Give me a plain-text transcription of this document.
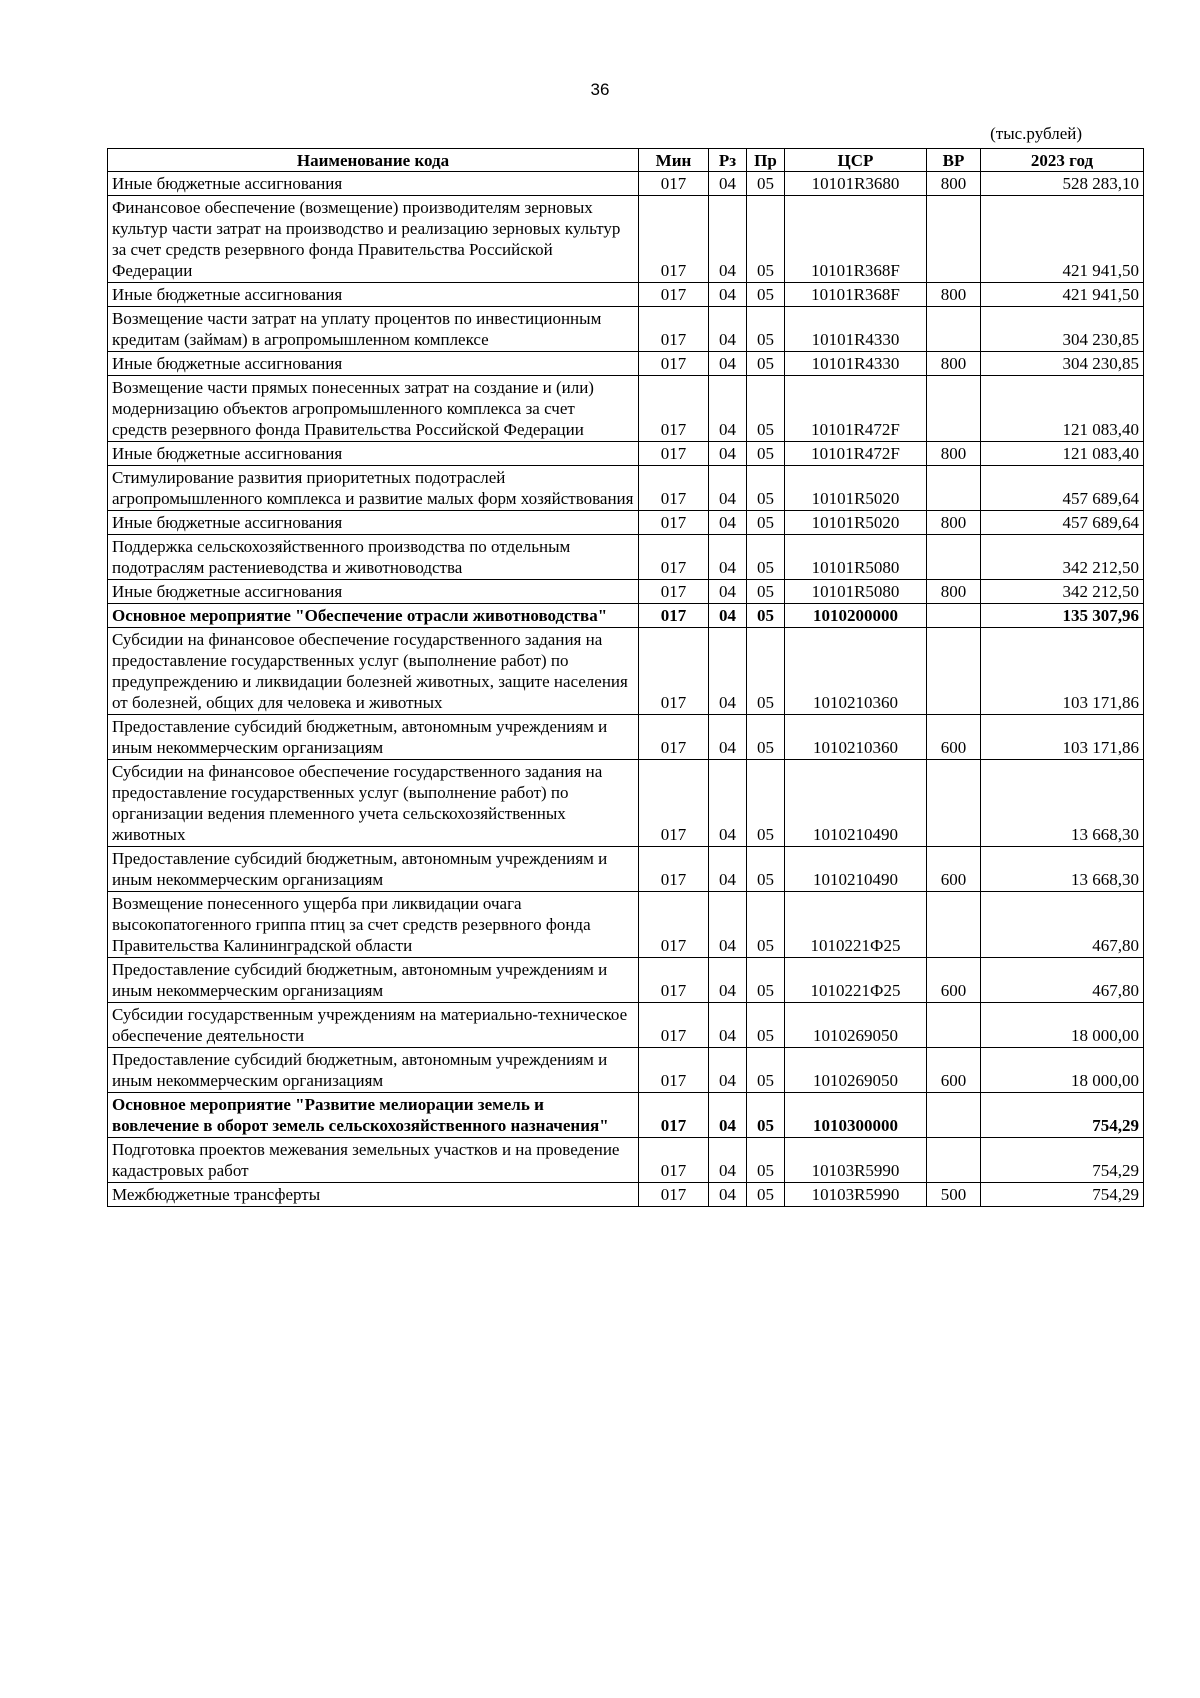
36
(тыс.рублей)
Наименование кода	Мин	Рз	Пр	ЦСР	ВР	2023 год
Иные бюджетные ассигнования	017	04	05	10101R3680	800	528 283,10
Финансовое обеспечение (возмещение) производителям зерновых культур части затрат на производство и реализацию зерновых культур за счет средств резервного фонда Правительства Российской Федерации	017	04	05	10101R368F		421 941,50
Иные бюджетные ассигнования	017	04	05	10101R368F	800	421 941,50
Возмещение части затрат на уплату процентов по инвестиционным кредитам (займам) в агропромышленном комплексе	017	04	05	10101R4330		304 230,85
Иные бюджетные ассигнования	017	04	05	10101R4330	800	304 230,85
Возмещение части прямых понесенных затрат на создание и (или) модернизацию объектов агропромышленного комплекса за счет средств резервного фонда Правительства Российской Федерации	017	04	05	10101R472F		121 083,40
Иные бюджетные ассигнования	017	04	05	10101R472F	800	121 083,40
Стимулирование развития приоритетных подотраслей агропромышленного комплекса и развитие малых форм хозяйствования	017	04	05	10101R5020		457 689,64
Иные бюджетные ассигнования	017	04	05	10101R5020	800	457 689,64
Поддержка сельскохозяйственного производства по отдельным подотраслям растениеводства и животноводства	017	04	05	10101R5080		342 212,50
Иные бюджетные ассигнования	017	04	05	10101R5080	800	342 212,50
Основное мероприятие "Обеспечение отрасли животноводства"	017	04	05	1010200000		135 307,96
Субсидии на финансовое обеспечение государственного задания на предоставление государственных услуг (выполнение работ) по предупреждению и ликвидации болезней животных, защите населения от болезней, общих для человека и животных	017	04	05	1010210360		103 171,86
Предоставление субсидий бюджетным, автономным учреждениям и иным некоммерческим организациям	017	04	05	1010210360	600	103 171,86
Субсидии на финансовое обеспечение государственного задания на предоставление государственных услуг (выполнение работ) по организации ведения племенного учета сельскохозяйственных животных	017	04	05	1010210490		13 668,30
Предоставление субсидий бюджетным, автономным учреждениям и иным некоммерческим организациям	017	04	05	1010210490	600	13 668,30
Возмещение понесенного ущерба при ликвидации очага высокопатогенного гриппа птиц за счет средств резервного фонда Правительства Калининградской области	017	04	05	1010221Ф25		467,80
Предоставление субсидий бюджетным, автономным учреждениям и иным некоммерческим организациям	017	04	05	1010221Ф25	600	467,80
Субсидии государственным учреждениям на материально-техническое обеспечение деятельности	017	04	05	1010269050		18 000,00
Предоставление субсидий бюджетным, автономным учреждениям и иным некоммерческим организациям	017	04	05	1010269050	600	18 000,00
Основное мероприятие "Развитие мелиорации земель и вовлечение в оборот земель сельскохозяйственного назначения"	017	04	05	1010300000		754,29
Подготовка проектов межевания земельных участков и на проведение кадастровых работ	017	04	05	10103R5990		754,29
Межбюджетные трансферты	017	04	05	10103R5990	500	754,29
